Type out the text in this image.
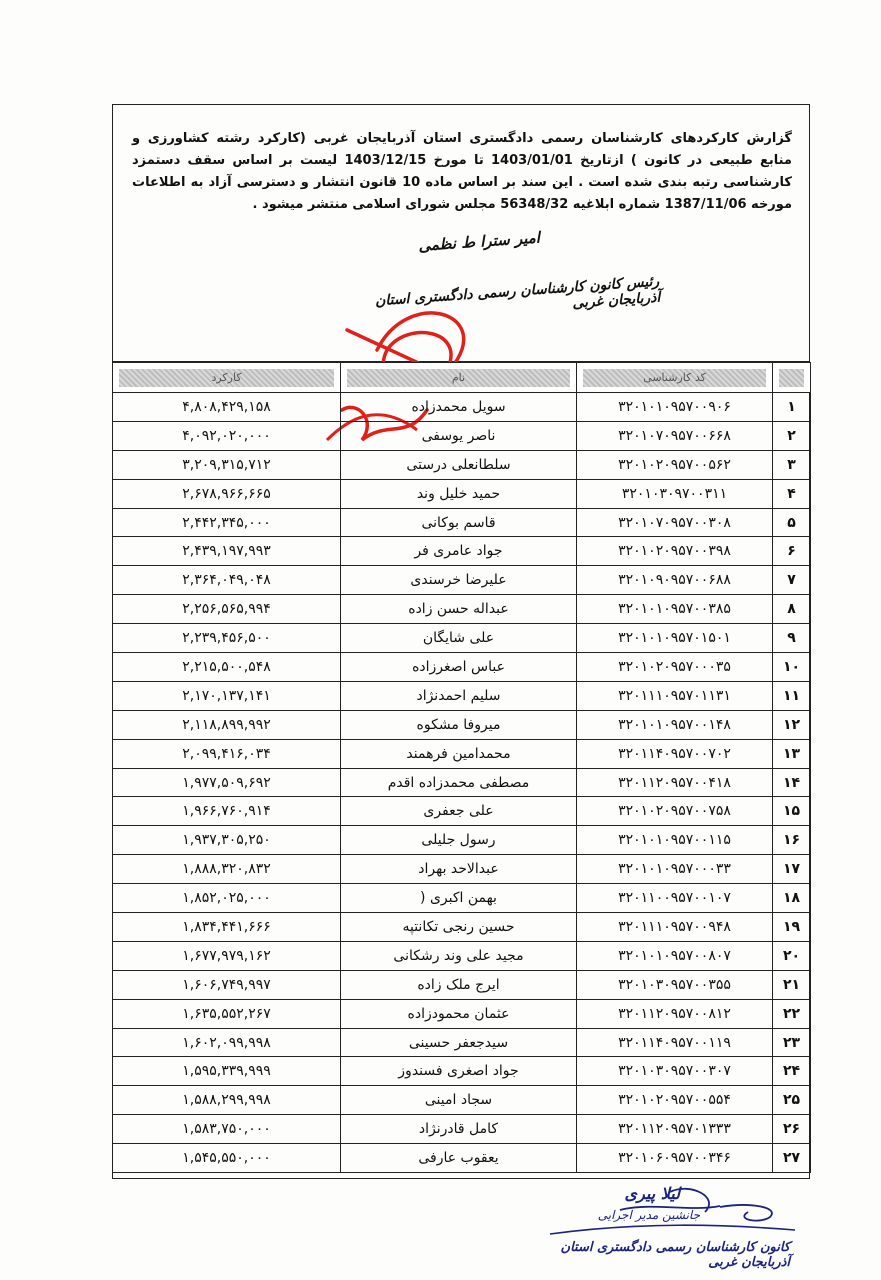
گزارش کارکردهای کارشناسان رسمی دادگستری استان آذربایجان غربی (کارکرد رشته کشاورزی و منابع طبیعی در کانون ) ازتاریخ 1403/01/01 تا مورخ 1403/12/15 لیست بر اساس سقف دستمزد کارشناسی رتبه بندی شده است . این سند بر اساس ماده 10 قانون انتشار و دسترسی آزاد به اطلاعات مورخه 1387/11/06 شماره ابلاغیه 56348/32 مجلس شورای اسلامی منتشر میشود .
امیر سترا ط نظمی
رئیس کانون کارشناسان رسمی دادگستری استان آذربایجان غربی

	کد کارشناسی	نام	کارکرد

۱	۳۲۰۱۰۱۰۹۵۷۰۰۹۰۶	سویل محمدزاده	۴,۸۰۸,۴۲۹,۱۵۸
۲	۳۲۰۱۰۷۰۹۵۷۰۰۶۶۸	ناصر یوسفی	۴,۰۹۲,۰۲۰,۰۰۰
۳	۳۲۰۱۰۲۰۹۵۷۰۰۵۶۲	سلطانعلی درستی	۳,۲۰۹,۳۱۵,۷۱۲
۴	۳۲۰۱۰۳۰۹۷۰۰۳۱۱	حمید خلیل وند	۲,۶۷۸,۹۶۶,۶۶۵
۵	۳۲۰۱۰۷۰۹۵۷۰۰۳۰۸	قاسم بوکانی	۲,۴۴۲,۳۴۵,۰۰۰
۶	۳۲۰۱۰۲۰۹۵۷۰۰۳۹۸	جواد عامری فر	۲,۴۳۹,۱۹۷,۹۹۳
۷	۳۲۰۱۰۹۰۹۵۷۰۰۶۸۸	علیرضا خرسندی	۲,۳۶۴,۰۴۹,۰۴۸
۸	۳۲۰۱۰۱۰۹۵۷۰۰۳۸۵	عبداله حسن زاده	۲,۲۵۶,۵۶۵,۹۹۴
۹	۳۲۰۱۰۱۰۹۵۷۰۱۵۰۱	علی شایگان	۲,۲۳۹,۴۵۶,۵۰۰
۱۰	۳۲۰۱۰۲۰۹۵۷۰۰۰۳۵	عباس اصغرزاده	۲,۲۱۵,۵۰۰,۵۴۸
۱۱	۳۲۰۱۱۱۰۹۵۷۰۱۱۳۱	سلیم احمدنژاد	۲,۱۷۰,۱۳۷,۱۴۱
۱۲	۳۲۰۱۰۱۰۹۵۷۰۰۱۴۸	میروفا مشکوه	۲,۱۱۸,۸۹۹,۹۹۲
۱۳	۳۲۰۱۱۴۰۹۵۷۰۰۷۰۲	محمدامین فرهمند	۲,۰۹۹,۴۱۶,۰۳۴
۱۴	۳۲۰۱۱۲۰۹۵۷۰۰۴۱۸	مصطفی محمدزاده اقدم	۱,۹۷۷,۵۰۹,۶۹۲
۱۵	۳۲۰۱۰۲۰۹۵۷۰۰۷۵۸	علی جعفری	۱,۹۶۶,۷۶۰,۹۱۴
۱۶	۳۲۰۱۰۱۰۹۵۷۰۰۱۱۵	رسول جلیلی	۱,۹۳۷,۳۰۵,۲۵۰
۱۷	۳۲۰۱۰۱۰۹۵۷۰۰۰۳۳	عبدالاحد بهراد	۱,۸۸۸,۳۲۰,۸۳۲
۱۸	۳۲۰۱۱۰۰۹۵۷۰۰۱۰۷	بهمن اکبری (	۱,۸۵۲,۰۲۵,۰۰۰
۱۹	۳۲۰۱۱۱۰۹۵۷۰۰۹۴۸	حسین رنجی تکانتپه	۱,۸۳۴,۴۴۱,۶۶۶
۲۰	۳۲۰۱۰۱۰۹۵۷۰۰۸۰۷	مجید علی وند رشکانی	۱,۶۷۷,۹۷۹,۱۶۲
۲۱	۳۲۰۱۰۳۰۹۵۷۰۰۳۵۵	ایرج ملک زاده	۱,۶۰۶,۷۴۹,۹۹۷
۲۲	۳۲۰۱۱۲۰۹۵۷۰۰۸۱۲	عثمان محمودزاده	۱,۶۳۵,۵۵۲,۲۶۷
۲۳	۳۲۰۱۱۴۰۹۵۷۰۰۱۱۹	سیدجعفر حسینی	۱,۶۰۲,۰۹۹,۹۹۸
۲۴	۳۲۰۱۰۳۰۹۵۷۰۰۳۰۷	جواد اصغری فسندوز	۱,۵۹۵,۳۳۹,۹۹۹
۲۵	۳۲۰۱۰۲۰۹۵۷۰۰۵۵۴	سجاد امینی	۱,۵۸۸,۲۹۹,۹۹۸
۲۶	۳۲۰۱۱۲۰۹۵۷۰۱۳۳۳	کامل قادرنژاد	۱,۵۸۳,۷۵۰,۰۰۰
۲۷	۳۲۰۱۰۶۰۹۵۷۰۰۳۴۶	یعقوب عارفی	۱,۵۴۵,۵۵۰,۰۰۰
لیلا پیری
جانشین مدیر اجرایی
کانون کارشناسان رسمی دادگستری استان آذربایجان غربی
